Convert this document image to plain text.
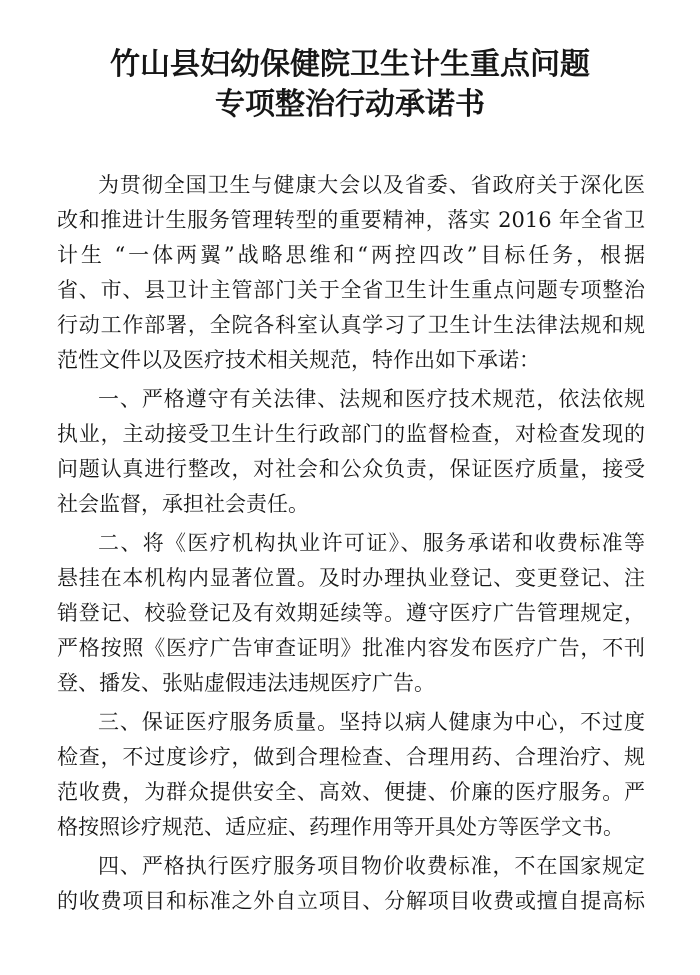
竹山县妇幼保健院卫生计生重点问题
专项整治行动承诺书
为贯彻全国卫生与健康大会以及省委、省政府关于深化医
改和推进计生服务管理转型的重要精神，落实 2016 年全省卫
计生 “一体两翼”战略思维和“两控四改”目标任务，根据
省、市、县卫计主管部门关于全省卫生计生重点问题专项整治
行动工作部署，全院各科室认真学习了卫生计生法律法规和规
范性文件以及医疗技术相关规范，特作出如下承诺：
一、严格遵守有关法律、法规和医疗技术规范，依法依规
执业，主动接受卫生计生行政部门的监督检查，对检查发现的
问题认真进行整改，对社会和公众负责，保证医疗质量，接受
社会监督，承担社会责任。
二、将《医疗机构执业许可证》、服务承诺和收费标准等
悬挂在本机构内显著位置。及时办理执业登记、变更登记、注
销登记、校验登记及有效期延续等。遵守医疗广告管理规定，
严格按照《医疗广告审查证明》批准内容发布医疗广告，不刊
登、播发、张贴虚假违法违规医疗广告。
三、保证医疗服务质量。坚持以病人健康为中心，不过度
检查，不过度诊疗，做到合理检查、合理用药、合理治疗、规
范收费，为群众提供安全、高效、便捷、价廉的医疗服务。严
格按照诊疗规范、适应症、药理作用等开具处方等医学文书。
四、严格执行医疗服务项目物价收费标准，不在国家规定
的收费项目和标准之外自立项目、分解项目收费或擅自提高标
